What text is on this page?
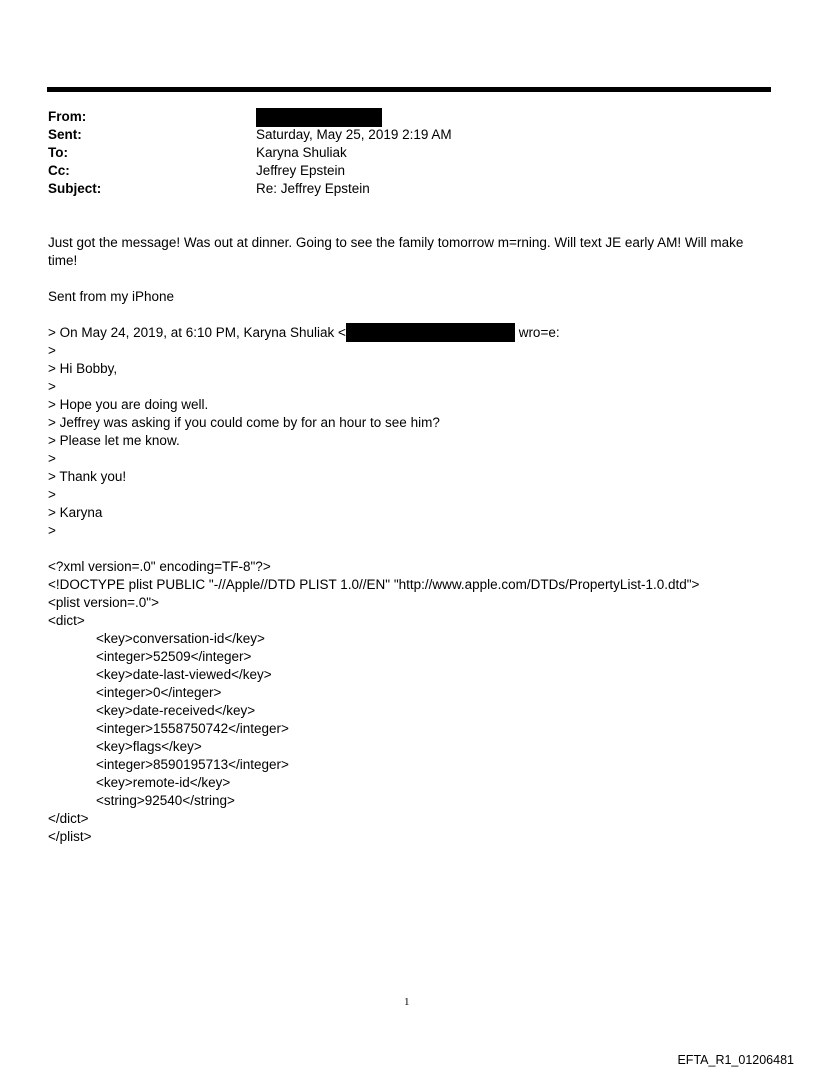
From:
Sent:	Saturday, May 25, 2019 2:19 AM
To:	Karyna Shuliak
Cc:	Jeffrey Epstein
Subject:	Re: Jeffrey Epstein
Just got the message! Was out at dinner. Going to see the family tomorrow m=rning. Will text JE early AM! Will make time!
Sent from my iPhone
> On May 24, 2019, at 6:10 PM, Karyna Shuliak <	wro=e:
>
> Hi Bobby,
>
> Hope you are doing well.
> Jeffrey was asking if you could come by for an hour to see him?
> Please let me know.
>
> Thank you!
>
> Karyna
>
<?xml version=.0" encoding=TF-8"?>
<!DOCTYPE plist PUBLIC "-//Apple//DTD PLIST 1.0//EN" "http://www.apple.com/DTDs/PropertyList-1.0.dtd">
<plist version=.0">
<dict>
<key>conversation-id</key>
<integer>52509</integer>
<key>date-last-viewed</key>
<integer>0</integer>
<key>date-received</key>
<integer>1558750742</integer>
<key>flags</key>
<integer>8590195713</integer>
<key>remote-id</key>
<string>92540</string>
</dict>
</plist>
1
EFTA_R1_01206481
